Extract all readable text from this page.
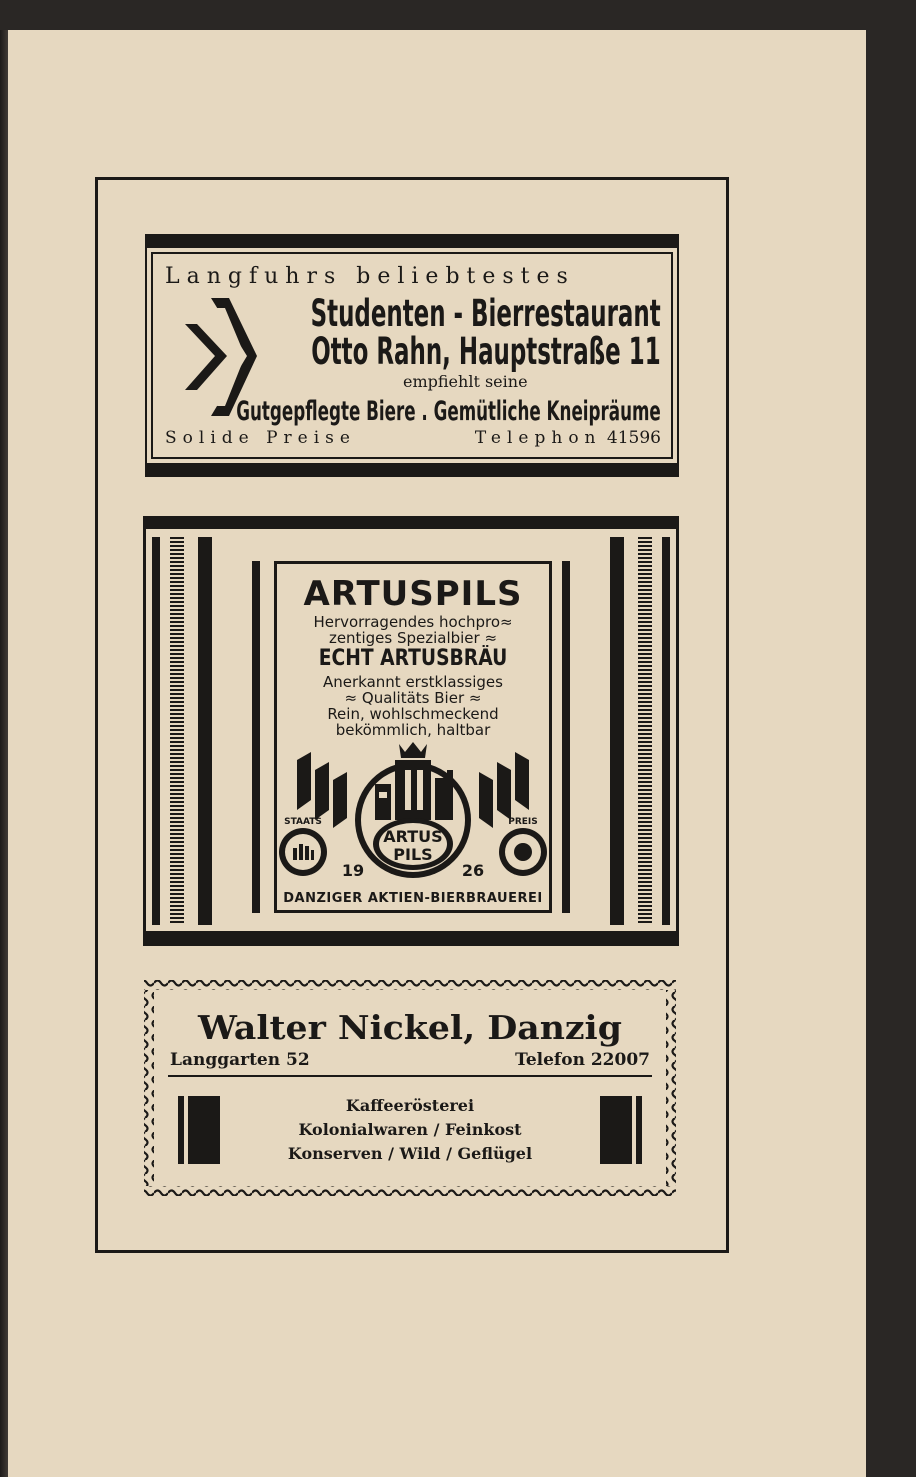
Langfuhrs beliebtestes
Studenten - Bierrestaurant
Otto Rahn, Hauptstraße 11
empfiehlt seine
Gutgepflegte Biere . Gemütliche Kneipräume
Solide Preise	Telephon 41596
ARTUSPILS
Hervorragendes hochpro≈
zentiges Spezialbier ≈
ECHT ARTUSBRÄU
Anerkannt erstklassiges
≈ Qualitäts Bier ≈
Rein, wohlschmeckend
bekömmlich, haltbar
STAATS	PREIS
ARTUS
PILS
19	26
DANZIGER AKTIEN-BIERBRAUEREI
Walter Nickel, Danzig
Langgarten 52	Telefon 22007
Kaffeerösterei
Kolonialwaren / Feinkost
Konserven / Wild / Geflügel
